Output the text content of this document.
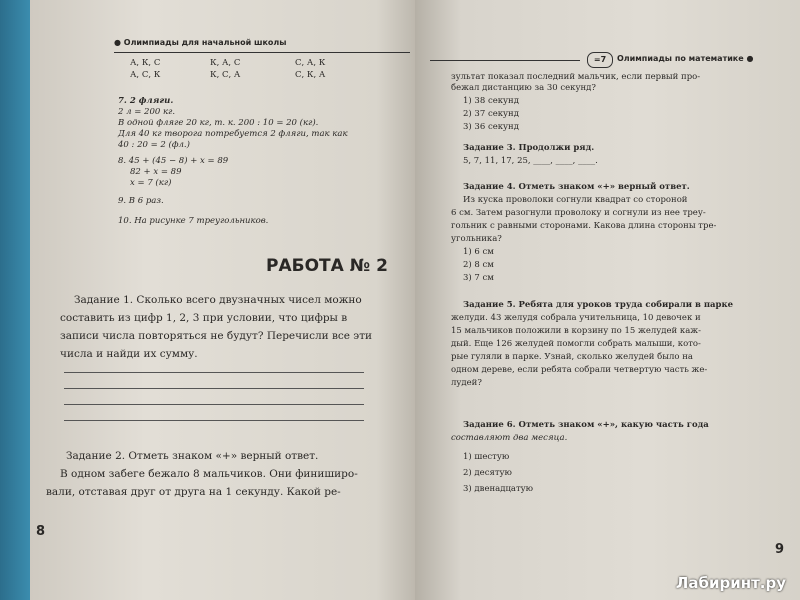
● Олимпиады для начальной школы
А, К, С	К, А, С	С, А, К
А, С, К	К, С, А	С, К, А
7. 2 фляги.
2 л = 200 кг.
В одной фляге 20 кг, т. к. 200 : 10 = 20 (кг).
Для 40 кг творога потребуется 2 фляги, так как
40 : 20 = 2 (фл.)
8. 45 + (45 − 8) + x = 89
82 + x = 89
x = 7 (кг)
9. В 6 раз.
10. На рисунке 7 треугольников.
РАБОТА № 2
Задание 1. Сколько всего двузначных чисел можно
составить из цифр 1, 2, 3 при условии, что цифры в
записи числа повторяться не будут? Перечисли все эти
числа и найди их сумму.
Задание 2. Отметь знаком «+» верный ответ.
В одном забеге бежало 8 мальчиков. Они финиширо-
вали, отставая друг от друга на 1 секунду. Какой ре-
8
=7	Олимпиады по математике ●
зультат показал последний мальчик, если первый про-
бежал дистанцию за 30 секунд?
1) 38 секунд
2) 37 секунд
3) 36 секунд
Задание 3. Продолжи ряд.
5, 7, 11, 17, 25, ____, ____, ____.
Задание 4. Отметь знаком «+» верный ответ.
Из куска проволоки согнули квадрат со стороной
6 см. Затем разогнули проволоку и согнули из нее треу-
гольник с равными сторонами. Какова длина стороны тре-
угольника?
1) 6 см
2) 8 см
3) 7 см
Задание 5. Ребята для уроков труда собирали в парке
желуди. 43 желудя собрала учительница, 10 девочек и
15 мальчиков положили в корзину по 15 желудей каж-
дый. Еще 126 желудей помогли собрать малыши, кото-
рые гуляли в парке. Узнай, сколько желудей было на
одном дереве, если ребята собрали четвертую часть же-
лудей?
Задание 6. Отметь знаком «+», какую часть года
составляют два месяца.
1) шестую
2) десятую
3) двенадцатую
9
Лабиринт.ру
